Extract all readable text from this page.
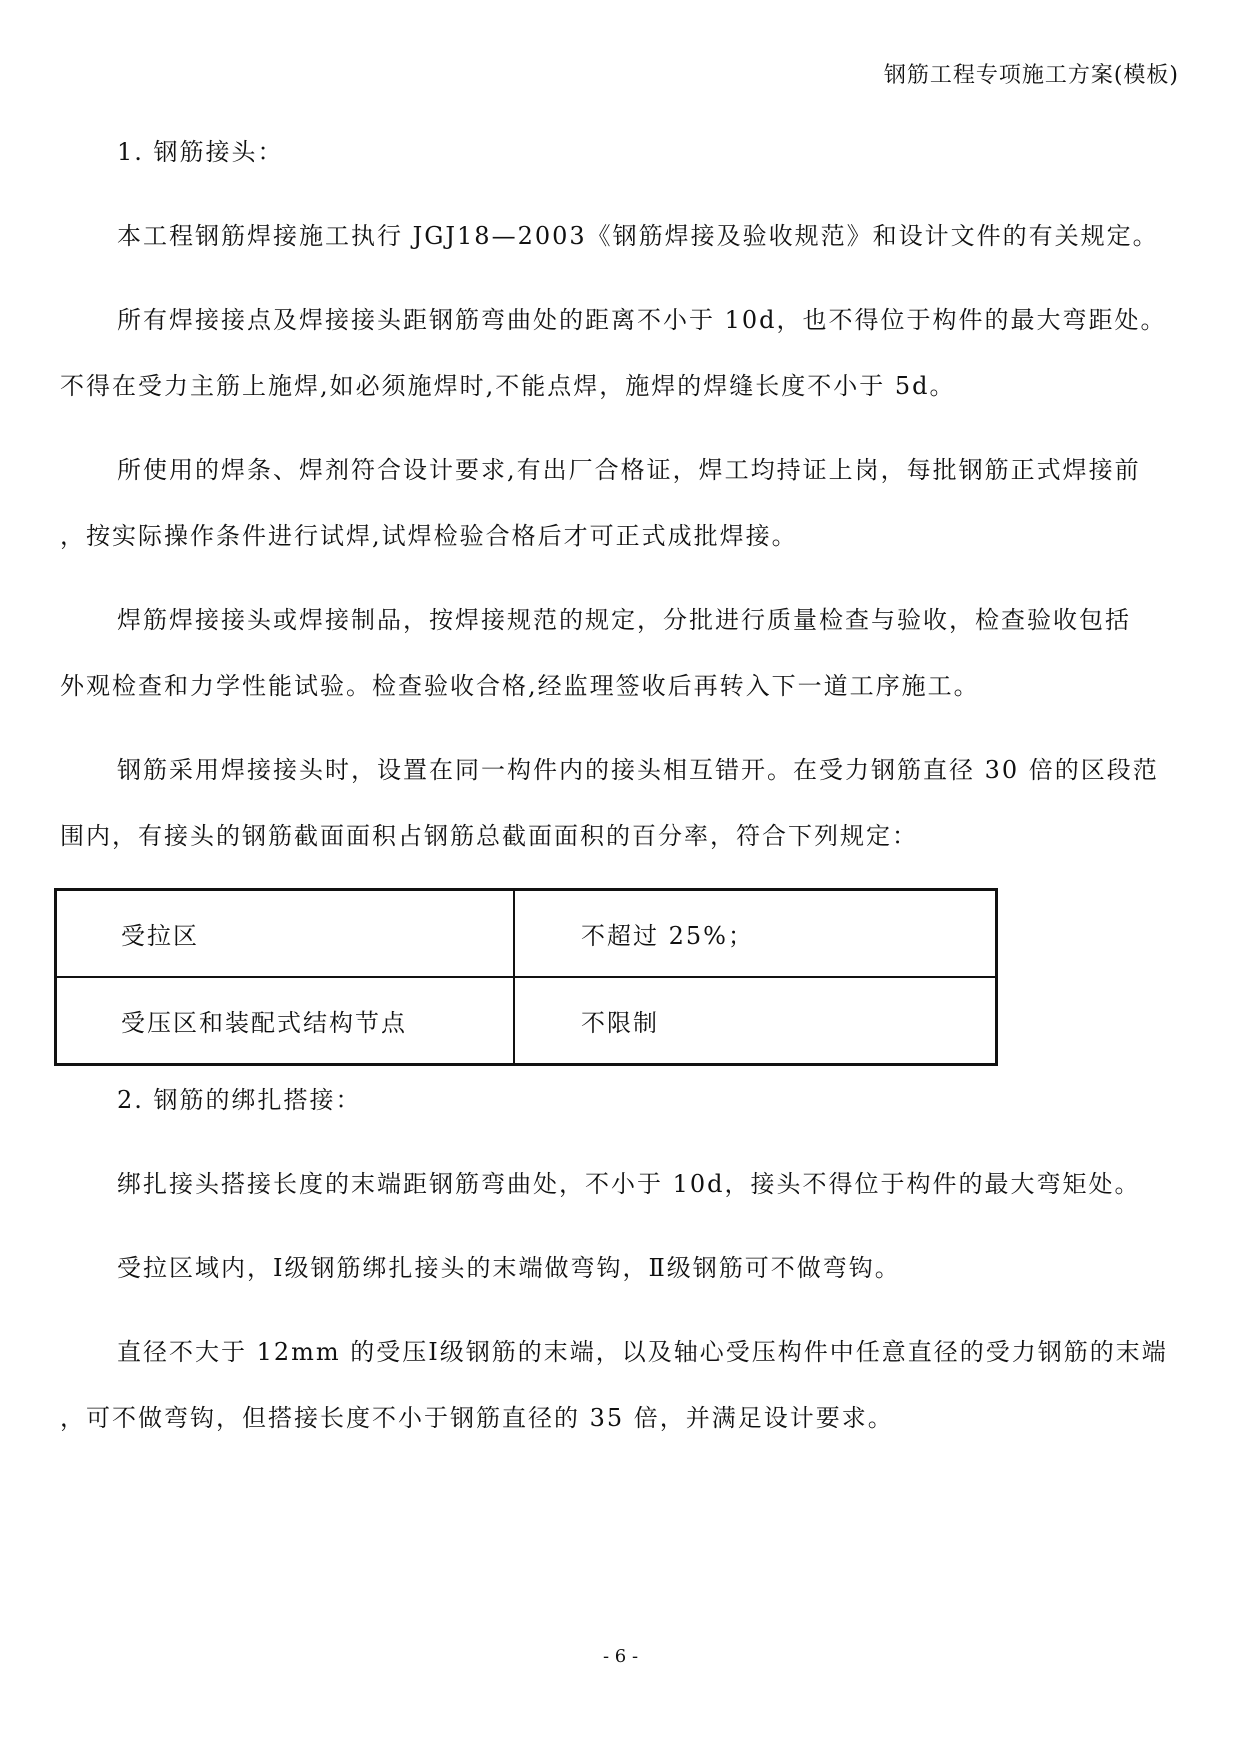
钢筋工程专项施工方案(模板)
1. 钢筋接头：
本工程钢筋焊接施工执行 JGJ18—2003《钢筋焊接及验收规范》和设计文件的有关规定。
所有焊接接点及焊接接头距钢筋弯曲处的距离不小于 10d，也不得位于构件的最大弯距处。
不得在受力主筋上施焊,如必须施焊时,不能点焊，施焊的焊缝长度不小于 5d。
所使用的焊条、焊剂符合设计要求,有出厂合格证，焊工均持证上岗，每批钢筋正式焊接前
，按实际操作条件进行试焊,试焊检验合格后才可正式成批焊接。
焊筋焊接接头或焊接制品，按焊接规范的规定，分批进行质量检查与验收，检查验收包括
外观检查和力学性能试验。检查验收合格,经监理签收后再转入下一道工序施工。
钢筋采用焊接接头时，设置在同一构件内的接头相互错开。在受力钢筋直径 30 倍的区段范
围内，有接头的钢筋截面面积占钢筋总截面面积的百分率，符合下列规定：
受拉区	不超过 25%；
受压区和装配式结构节点	不限制
2. 钢筋的绑扎搭接：
绑扎接头搭接长度的末端距钢筋弯曲处，不小于 10d，接头不得位于构件的最大弯矩处。
受拉区域内，Ⅰ级钢筋绑扎接头的末端做弯钩，Ⅱ级钢筋可不做弯钩。
直径不大于 12mm 的受压Ⅰ级钢筋的末端，以及轴心受压构件中任意直径的受力钢筋的末端
，可不做弯钩，但搭接长度不小于钢筋直径的 35 倍，并满足设计要求。
- 6 -
